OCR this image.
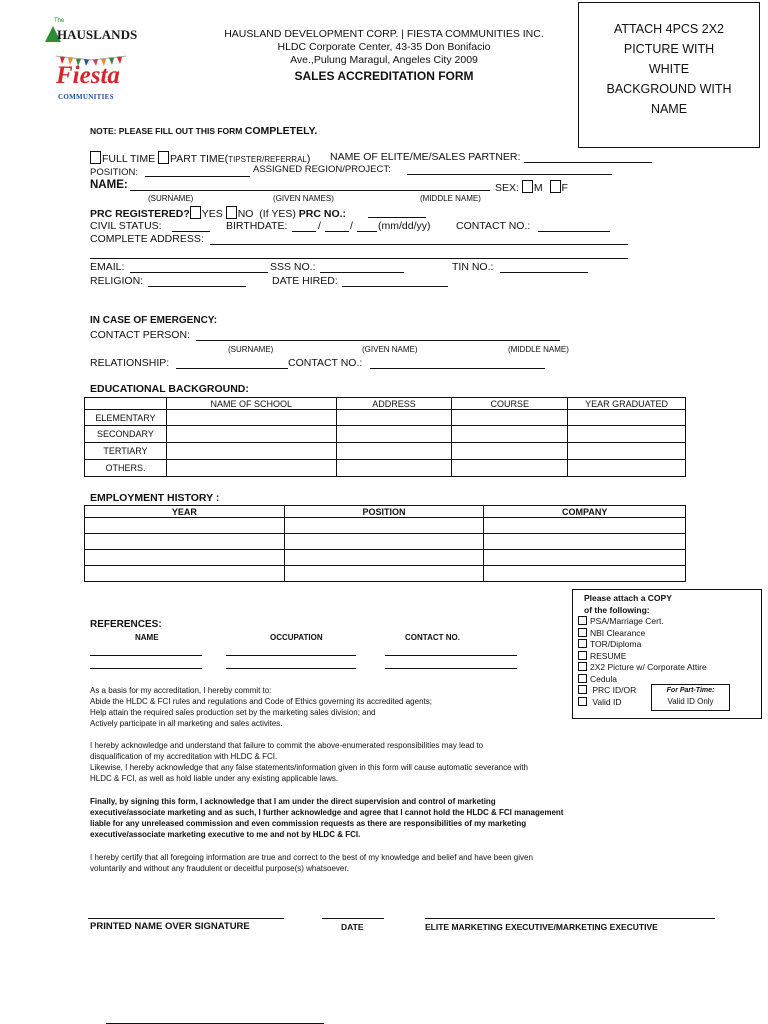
The
HAUSLANDS
Fiesta
COMMUNITIES
HAUSLAND DEVELOPMENT CORP. | FIESTA COMMUNITIES INC.
HLDC Corporate Center, 43-35 Don Bonifacio
Ave.,Pulung Maragul, Angeles City 2009
SALES ACCREDITATION FORM
ATTACH 4PCS 2X2
PICTURE WITH
WHITE
BACKGROUND WITH
NAME
NOTE: PLEASE FILL OUT THIS FORM COMPLETELY.
FULL TIME PART TIME(TIPSTER/REFERRAL) NAME OF ELITE/ME/SALES PARTNER:
POSITION:	ASSIGNED REGION/PROJECT:
NAME:	SEX: M F
(SURNAME)	(GIVEN NAMES)	(MIDDLE NAME)
PRC REGISTERED? YES NO (If YES) PRC NO.:
CIVIL STATUS:	BIRTHDATE:	/	/ (mm/dd/yy) CONTACT NO.:
COMPLETE ADDRESS:
EMAIL:	SSS NO.:	TIN NO.:
RELIGION:	DATE HIRED:
IN CASE OF EMERGENCY:
CONTACT PERSON:
(SURNAME)	(GIVEN NAME)	(MIDDLE NAME)
RELATIONSHIP:	CONTACT NO.:
EDUCATIONAL BACKGROUND:
	NAME OF SCHOOL	ADDRESS	COURSE	YEAR GRADUATED
ELEMENTARY				
SECONDARY				
TERTIARY				
OTHERS.				
EMPLOYMENT HISTORY :
YEAR	POSITION	COMPANY

Please attach a COPY
of the following:
PSA/Marriage Cert.
NBI Clearance
TOR/Diploma
RESUME
2X2 Picture w/ Corporate Attire
Cedula
PRC ID/OR
Valid ID
For Part-Time:
Valid ID Only
REFERENCES:
NAME	OCCUPATION	CONTACT NO.

As a basis for my accreditation, I hereby commit to:

Abide the HLDC & FCI rules and regulations and Code of Ethics governing its accredited agents;

Help attain the required sales production set by the marketing sales division; and

Actively participate in all marketing and sales activites.

I hereby acknowledge and understand that failure to commit the above-enumerated responsibilities may lead to

disqualification of my accreditation with HLDC & FCI.

Likewise, I hereby acknowledge that any false statements/information given in this form will cause automatic severance with

HLDC & FCI, as well as hold liable under any existing applicable laws.

Finally, by signing this form, I acknowledge that I am under the direct supervision and control of marketing

executive/associate marketing and as such, I further acknowledge and agree that I cannot hold the HLDC & FCI management

liable for any unreleased commission and even commission requests as there are responsibilities of my marketing

executive/associate marketing executive to me and not by HLDC & FCI.

I hereby certify that all foregoing information are true and correct to the best of my knowledge and belief and have been given

voluntarily and without any fraudulent or deceitful purpose(s) whatsoever.

PRINTED NAME OVER SIGNATURE	DATE	ELITE MARKETING EXECUTIVE/MARKETING EXECUTIVE
